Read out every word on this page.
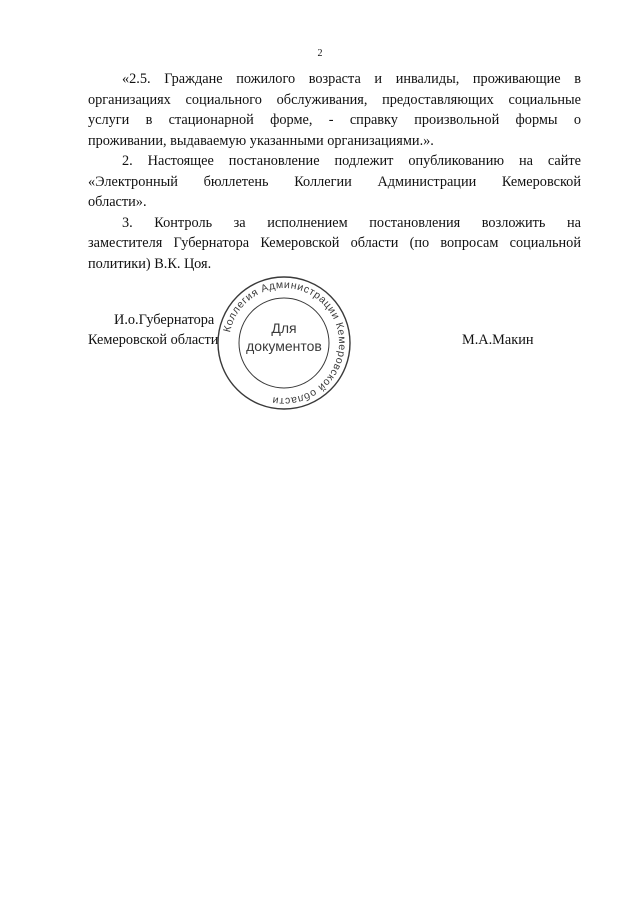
2
«2.5. Граждане пожилого возраста и инвалиды, проживающие в
организациях социального обслуживания, предоставляющих социальные
услуги в стационарной форме, - справку произвольной формы о
проживании, выдаваемую указанными организациями.».
2. Настоящее постановление подлежит опубликованию на сайте
«Электронный бюллетень Коллегии Администрации Кемеровской
области».
3. Контроль за исполнением постановления возложить на
заместителя Губернатора Кемеровской области (по вопросам социальной
политики) В.К. Цоя.
И.о.Губернатора
Кемеровской области	М.А.Макин
Коллегия Администрации Кемеровской области
Для
документов
